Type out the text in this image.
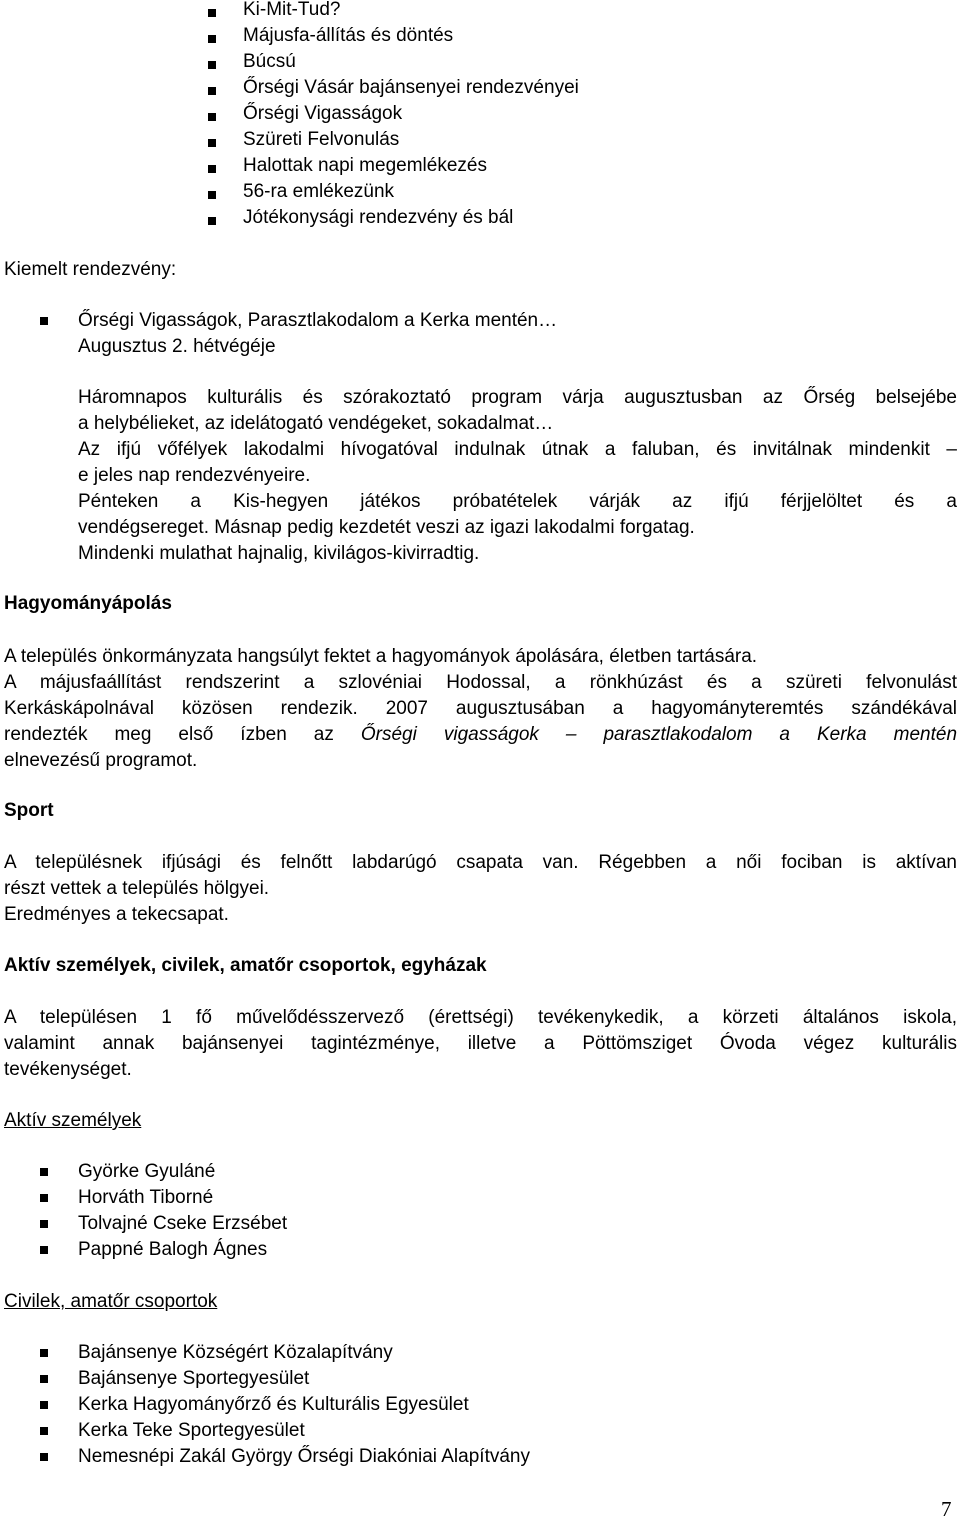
Ki-Mit-Tud?
Májusfa-állítás és döntés
Búcsú
Őrségi Vásár bajánsenyei rendezvényei
Őrségi Vigasságok
Szüreti Felvonulás
Halottak napi megemlékezés
56-ra emlékezünk
Jótékonysági rendezvény és bál
Kiemelt rendezvény:
Őrségi Vigasságok, Parasztlakodalom a Kerka mentén…
Augusztus 2. hétvégéje
Háromnapos kulturális és szórakoztató program várja augusztusban az Őrség belsejébe
a helybélieket, az idelátogató vendégeket, sokadalmat…
Az ifjú vőfélyek lakodalmi hívogatóval indulnak útnak a faluban, és invitálnak mindenkit –
e jeles nap rendezvényeire.
Pénteken a Kis-hegyen játékos próbatételek várják az ifjú férjjelöltet és a
vendégsereget. Másnap pedig kezdetét veszi az igazi lakodalmi forgatag.
Mindenki mulathat hajnalig, kivilágos-kivirradtig.
Hagyományápolás
A település önkormányzata hangsúlyt fektet a hagyományok ápolására, életben tartására.
A májusfaállítást rendszerint a szlovéniai Hodossal, a rönkhúzást és a szüreti felvonulást
Kerkáskápolnával közösen rendezik. 2007 augusztusában a hagyományteremtés szándékával
rendezték meg első ízben az Őrségi vigasságok – parasztlakodalom a Kerka mentén
elnevezésű programot.
Sport
A településnek ifjúsági és felnőtt labdarúgó csapata van. Régebben a női fociban is aktívan
részt vettek a település hölgyei.
Eredményes a tekecsapat.
Aktív személyek, civilek, amatőr csoportok, egyházak
A településen 1 fő művelődésszervező (érettségi) tevékenykedik, a körzeti általános iskola,
valamint annak bajánsenyei tagintézménye, illetve a Pöttömsziget Óvoda végez kulturális
tevékenységet.
Aktív személyek
Györke Gyuláné
Horváth Tiborné
Tolvajné Cseke Erzsébet
Pappné Balogh Ágnes
Civilek, amatőr csoportok
Bajánsenye Községért Közalapítvány
Bajánsenye Sportegyesület
Kerka Hagyományőrző és Kulturális Egyesület
Kerka Teke Sportegyesület
Nemesnépi Zakál György Őrségi Diakóniai Alapítvány
7
